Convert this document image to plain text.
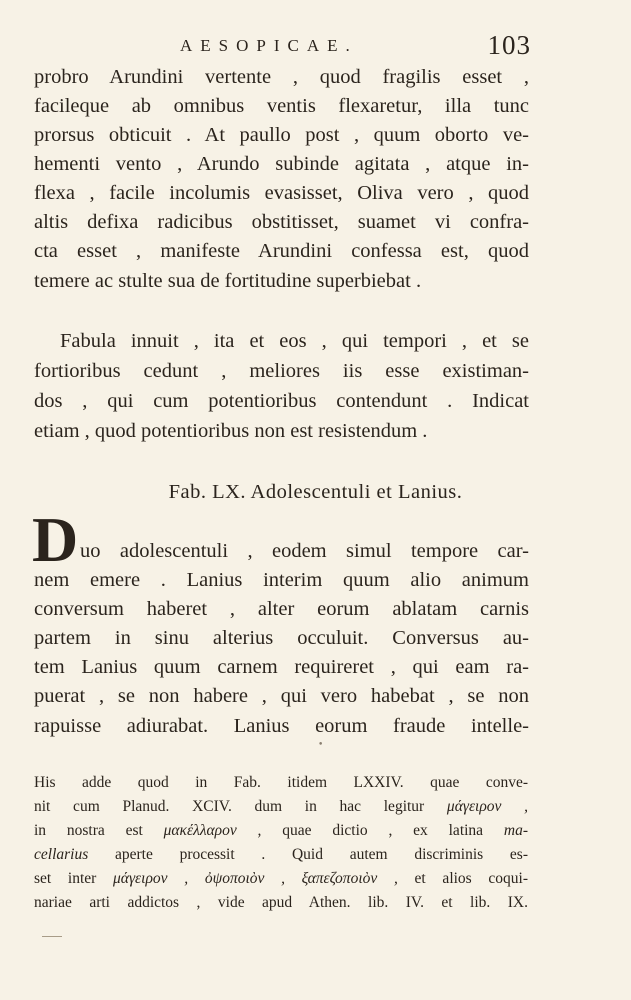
AESOPICAE.	103
probro Arundini vertente , quod fragilis esset ,
facileque ab omnibus ventis flexaretur, illa tunc
prorsus obticuit . At paullo post , quum oborto ve-
hementi vento , Arundo subinde agitata , atque in-
flexa , facile incolumis evasisset, Oliva vero , quod
altis defixa radicibus obstitisset, suamet vi confra-
cta esset , manifeste Arundini confessa est, quod
temere ac stulte sua de fortitudine superbiebat .
Fabula innuit , ita et eos , qui tempori , et se
fortioribus cedunt , meliores iis esse existiman-
dos , qui cum potentioribus contendunt . Indicat
etiam , quod potentioribus non est resistendum .
Fab. LX. Adolescentuli et Lanius.
D uo adolescentuli , eodem simul tempore car-
nem emere . Lanius interim quum alio animum
conversum haberet , alter eorum ablatam carnis
partem in sinu alterius occuluit. Conversus au-
tem Lanius quum carnem requireret , qui eam ra-
puerat , se non habere , qui vero habebat , se non
rapuisse adiurabat. Lanius eorum fraude intelle-
•
His adde quod in Fab. itidem LXXIV. quae conve-
nit cum Planud. XCIV. dum in hac legitur μάγειρον ,
in nostra est μακέλλαρον , quae dictio , ex latina ma-
cellarius aperte processit . Quid autem discriminis es-
set inter μάγειρον , ὀψοποιὸν , ξαπεζοποιὸν , et alios coqui-
nariae arti addictos , vide apud Athen. lib. IV. et lib. IX.
